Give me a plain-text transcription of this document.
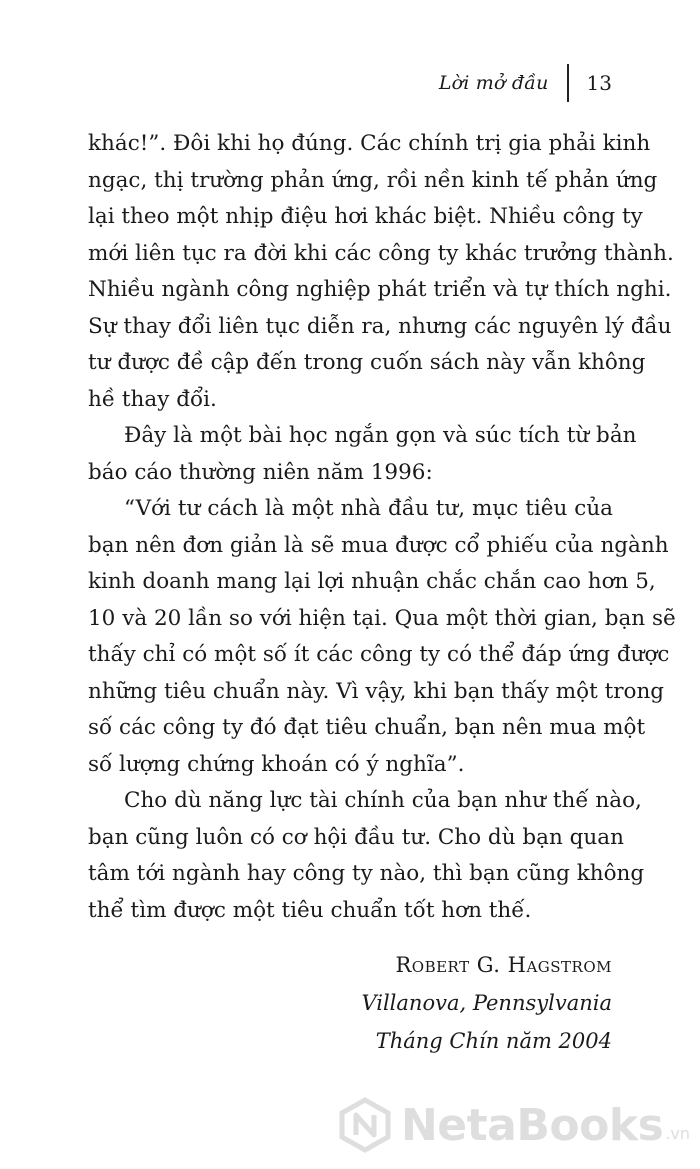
Lời mở đầu 13
khác!”. Đôi khi họ đúng. Các chính trị gia phải kinh
ngạc, thị trường phản ứng, rồi nền kinh tế phản ứng
lại theo một nhịp điệu hơi khác biệt. Nhiều công ty
mới liên tục ra đời khi các công ty khác trưởng thành.
Nhiều ngành công nghiệp phát triển và tự thích nghi.
Sự thay đổi liên tục diễn ra, nhưng các nguyên lý đầu
tư được đề cập đến trong cuốn sách này vẫn không
hề thay đổi.
Đây là một bài học ngắn gọn và súc tích từ bản
báo cáo thường niên năm 1996:
“Với tư cách là một nhà đầu tư, mục tiêu của
bạn nên đơn giản là sẽ mua được cổ phiếu của ngành
kinh doanh mang lại lợi nhuận chắc chắn cao hơn 5,
10 và 20 lần so với hiện tại. Qua một thời gian, bạn sẽ
thấy chỉ có một số ít các công ty có thể đáp ứng được
những tiêu chuẩn này. Vì vậy, khi bạn thấy một trong
số các công ty đó đạt tiêu chuẩn, bạn nên mua một
số lượng chứng khoán có ý nghĩa”.
Cho dù năng lực tài chính của bạn như thế nào,
bạn cũng luôn có cơ hội đầu tư. Cho dù bạn quan
tâm tới ngành hay công ty nào, thì bạn cũng không
thể tìm được một tiêu chuẩn tốt hơn thế.
Robert G. Hagstrom
Villanova, Pennsylvania
Tháng Chín năm 2004
NetaBooks .vn
